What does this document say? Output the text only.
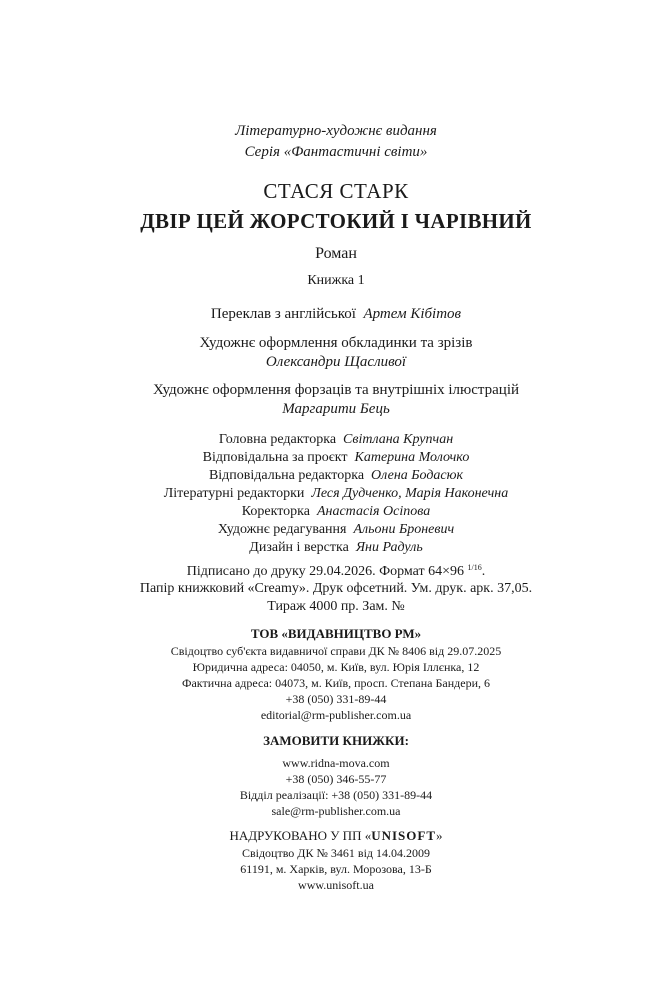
Літературно-художнє видання
Серія «Фантастичні світи»
СТАСЯ СТАРК
ДВІР ЦЕЙ ЖОРСТОКИЙ І ЧАРІВНИЙ
Роман
Книжка 1
Переклав з англійської Артем Кібітов
Художнє оформлення обкладинки та зрізів
Олександри Щасливої
Художнє оформлення форзаців та внутрішніх ілюстрацій
Маргарити Бець
Головна редакторка Світлана Крупчан
Відповідальна за проєкт Катерина Молочко
Відповідальна редакторка Олена Бодасюк
Літературні редакторки Леся Дудченко, Марія Наконечна
Коректорка Анастасія Осіпова
Художнє редагування Альони Броневич
Дизайн і верстка Яни Радуль
Підписано до друку 29.04.2026. Формат 64×96 $^{1/16}$.
Папір книжковий «Creamy». Друк офсетний. Ум. друк. арк. 37,05.
Тираж 4000 пр. Зам. №
ТОВ «ВИДАВНИЦТВО РМ»
Свідоцтво суб'єкта видавничої справи ДК № 8406 від 29.07.2025
Юридична адреса: 04050, м. Київ, вул. Юрія Іллєнка, 12
Фактична адреса: 04073, м. Київ, просп. Степана Бандери, 6
+38 (050) 331-89-44
editorial@rm-publisher.com.ua
ЗАМОВИТИ КНИЖКИ:
www.ridna-mova.com
+38 (050) 346-55-77
Відділ реалізації: +38 (050) 331-89-44
sale@rm-publisher.com.ua
НАДРУКОВАНО У ПП «UNISOFT»
Свідоцтво ДК № 3461 від 14.04.2009
61191, м. Харків, вул. Морозова, 13-Б
www.unisoft.ua
